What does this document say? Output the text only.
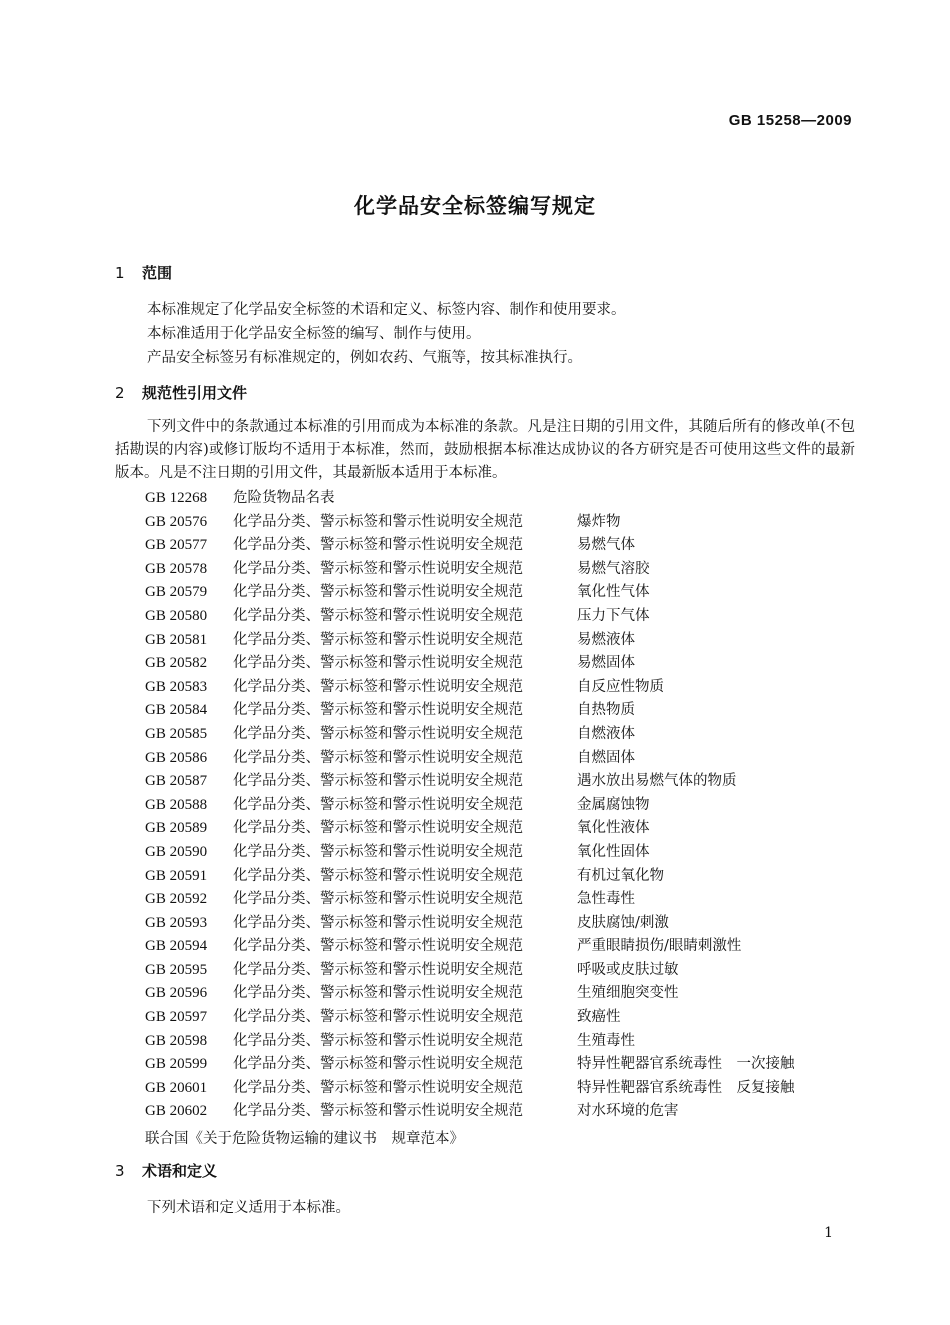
GB 15258—2009
化学品安全标签编写规定
1 范围
本标准规定了化学品安全标签的术语和定义、标签内容、制作和使用要求。
本标准适用于化学品安全标签的编写、制作与使用。
产品安全标签另有标准规定的，例如农药、气瓶等，按其标准执行。
2 规范性引用文件
下列文件中的条款通过本标准的引用而成为本标准的条款。凡是注日期的引用文件，其随后所有的修改单(不包括勘误的内容)或修订版均不适用于本标准，然而，鼓励根据本标准达成协议的各方研究是否可使用这些文件的最新版本。凡是不注日期的引用文件，其最新版本适用于本标准。
GB 12268 危险货物品名表
GB 20576 化学品分类、警示标签和警示性说明安全规范	爆炸物
GB 20577 化学品分类、警示标签和警示性说明安全规范	易燃气体
GB 20578 化学品分类、警示标签和警示性说明安全规范	易燃气溶胶
GB 20579 化学品分类、警示标签和警示性说明安全规范	氧化性气体
GB 20580 化学品分类、警示标签和警示性说明安全规范	压力下气体
GB 20581 化学品分类、警示标签和警示性说明安全规范	易燃液体
GB 20582 化学品分类、警示标签和警示性说明安全规范	易燃固体
GB 20583 化学品分类、警示标签和警示性说明安全规范	自反应性物质
GB 20584 化学品分类、警示标签和警示性说明安全规范	自热物质
GB 20585 化学品分类、警示标签和警示性说明安全规范	自燃液体
GB 20586 化学品分类、警示标签和警示性说明安全规范	自燃固体
GB 20587 化学品分类、警示标签和警示性说明安全规范	遇水放出易燃气体的物质
GB 20588 化学品分类、警示标签和警示性说明安全规范	金属腐蚀物
GB 20589 化学品分类、警示标签和警示性说明安全规范	氧化性液体
GB 20590 化学品分类、警示标签和警示性说明安全规范	氧化性固体
GB 20591 化学品分类、警示标签和警示性说明安全规范	有机过氧化物
GB 20592 化学品分类、警示标签和警示性说明安全规范	急性毒性
GB 20593 化学品分类、警示标签和警示性说明安全规范	皮肤腐蚀/刺激
GB 20594 化学品分类、警示标签和警示性说明安全规范	严重眼睛损伤/眼睛刺激性
GB 20595 化学品分类、警示标签和警示性说明安全规范	呼吸或皮肤过敏
GB 20596 化学品分类、警示标签和警示性说明安全规范	生殖细胞突变性
GB 20597 化学品分类、警示标签和警示性说明安全规范	致癌性
GB 20598 化学品分类、警示标签和警示性说明安全规范	生殖毒性
GB 20599 化学品分类、警示标签和警示性说明安全规范	特异性靶器官系统毒性　一次接触
GB 20601 化学品分类、警示标签和警示性说明安全规范	特异性靶器官系统毒性　反复接触
GB 20602 化学品分类、警示标签和警示性说明安全规范	对水环境的危害
联合国《关于危险货物运输的建议书　规章范本》
3 术语和定义
下列术语和定义适用于本标准。
1
